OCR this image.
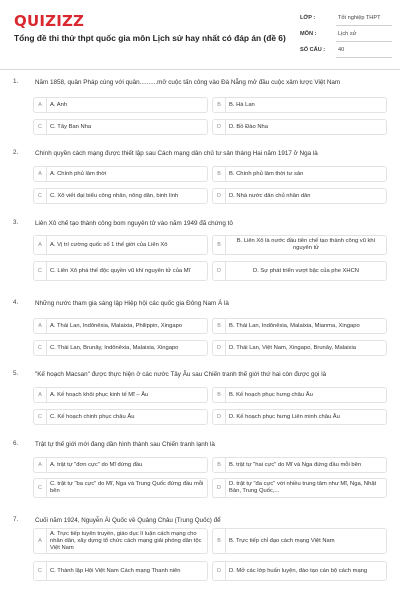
QUIZIZZ
Tổng đề thi thử thpt quốc gia môn Lịch sử hay nhất có đáp án (đề 6)
LỚP :	Tốt nghiệp THPT
MÔN :	Lịch sử
SỐ CÂU : 40
1.	Năm 1858, quân Pháp cùng với quân..........mở cuộc tấn công vào Đà Nẵng mở đầu cuộc xâm lược Việt Nam
A	A. Anh	B	B. Hà Lan
C	C. Tây Ban Nha	D	D. Bồ Đào Nha
2.	Chính quyền cách mạng được thiết lập sau Cách mạng dân chủ tư sản tháng Hai năm 1917 ở Nga là
A	A. Chính phủ lâm thời	B	B. Chính phủ lâm thời tư sản
C	C. Xô viết đại biểu công nhân, nông dân, binh lính	D	D. Nhà nước dân chủ nhân dân
3.	Liên Xô chế tạo thành công bom nguyên tử vào năm 1949 đã chứng tỏ
A	A. Vị trí cường quốc số 1 thế giới của Liên Xô	B
B. Liên Xô là nước đầu tiên chế tạo thành công vũ khí nguyên tử
C	C. Liên Xô phá thế độc quyền vũ khí nguyên tử của Mĩ	D	D. Sự phát triển vượt bậc của phe XHCN
4.	Những nước tham gia sáng lập Hiệp hội các quốc gia Đông Nam Á là
A	A. Thái Lan, Indônêxia, Malaixia, Philippin, Xingapo	B	B. Thái Lan, Indônêxia, Malaixia, Mianma, Xingapo
C	C. Thái Lan, Brunây, Indônêxia, Malaixia, Xingapo	D	D. Thái Lan, Việt Nam, Xingapo, Brunây, Malaixia
5.	"Kế hoạch Macsan" được thực hiện ở các nước Tây Âu sau Chiến tranh thế giới thứ hai còn được gọi là
A	A. Kế hoạch khôi phục kinh tế Mĩ – Âu	B	B. Kế hoạch phục hưng châu Âu
C	C. Kế hoạch chinh phục châu Âu	D	D. Kế hoạch phục hưng Liên minh châu Âu
6.	Trật tự thế giới mới đang dần hình thành sau Chiến tranh lạnh là
A	A. trật tự "đơn cực" do Mĩ đứng đầu	B	B. trật tự "hai cực" do Mĩ và Nga đứng đầu mỗi bên
C
C. trật tự "ba cực" do Mĩ, Nga và Trung Quốc đứng đầu mỗi bên	D
D. trật tự "đa cực" với nhiều trung tâm như Mĩ, Nga, Nhật Bản, Trung Quốc,...
7.	Cuối năm 1924, Nguyễn Ái Quốc về Quảng Châu (Trung Quốc) để
A
A. Trực tiếp tuyên truyền, giáo dục lí luận cách mạng cho nhân dân, xây dựng tổ chức cách mạng giải phóng dân tộc Việt Nam
B	B. Trực tiếp chỉ đạo cách mạng Việt Nam
C	C. Thành lập Hội Việt Nam Cách mạng Thanh niên	D	D. Mở các lớp huấn luyện, đào tạo cán bộ cách mạng
